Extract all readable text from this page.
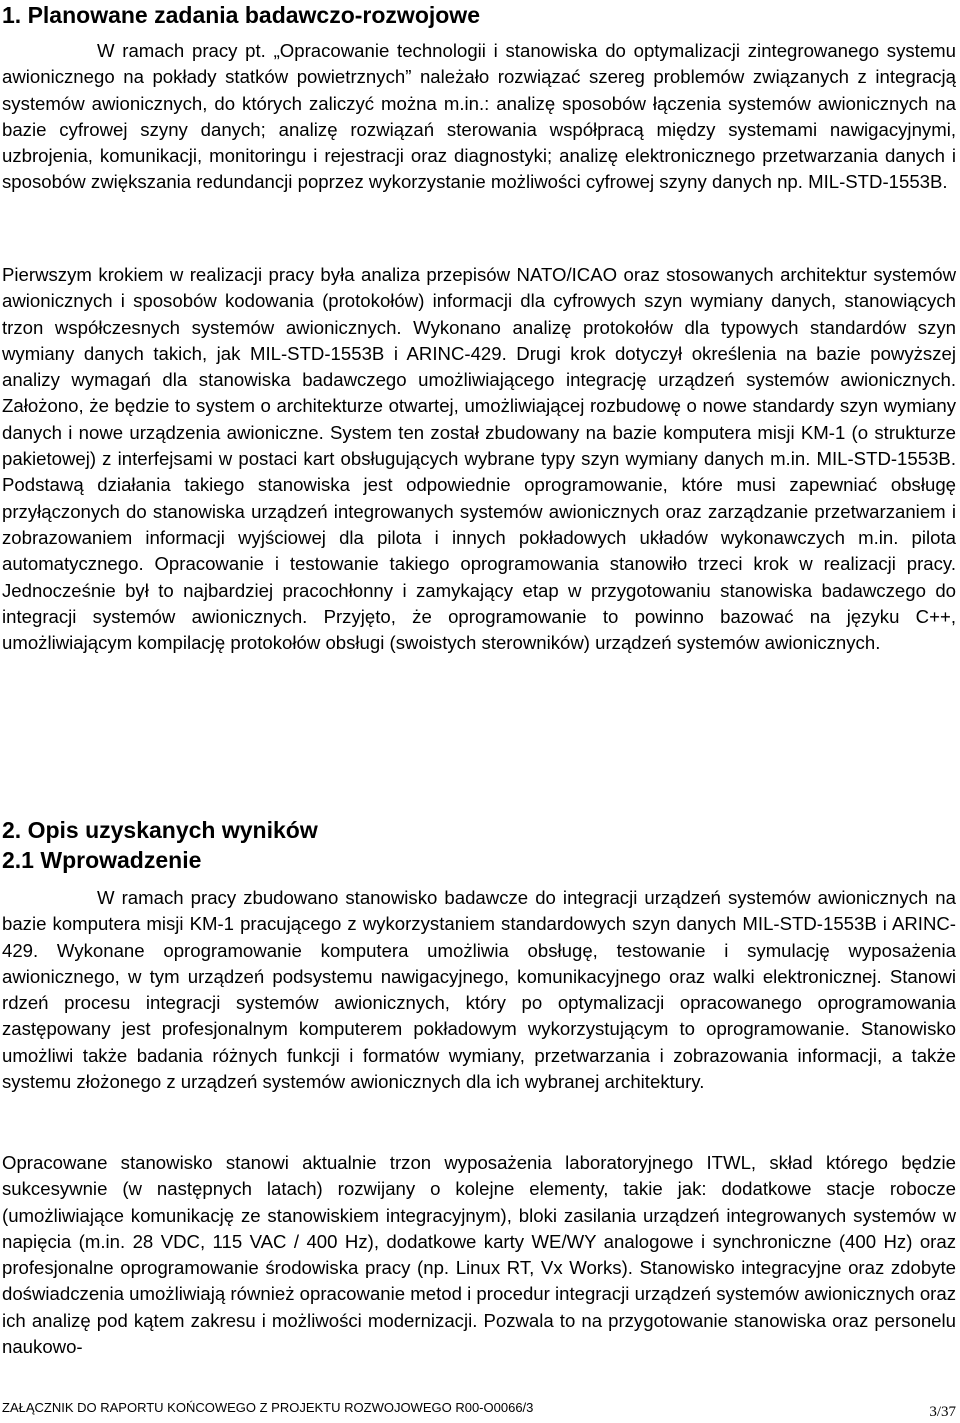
1. Planowane zadania badawczo-rozwojowe

W ramach pracy pt. „Opracowanie technologii i stanowiska do optymalizacji zintegrowanego systemu awionicznego na pokłady statków powietrznych” należało rozwiązać szereg problemów związanych z integracją systemów awionicznych, do których zaliczyć można m.in.: analizę sposobów łączenia systemów awionicznych na bazie cyfrowej szyny danych; analizę rozwiązań sterowania współpracą między systemami nawigacyjnymi, uzbrojenia, komunikacji, monitoringu i rejestracji oraz diagnostyki; analizę elektronicznego przetwarzania danych i sposobów zwiększania redundancji poprzez wykorzystanie możliwości cyfrowej szyny danych np. MIL-STD-1553B.

Pierwszym krokiem w realizacji pracy była analiza przepisów NATO/ICAO oraz stosowanych architektur systemów awionicznych i sposobów kodowania (protokołów) informacji dla cyfrowych szyn wymiany danych, stanowiących trzon współczesnych systemów awionicznych. Wykonano analizę protokołów dla typowych standardów szyn wymiany danych takich, jak MIL-STD-1553B i ARINC-429. Drugi krok dotyczył określenia na bazie powyższej analizy wymagań dla stanowiska badawczego umożliwiającego integrację urządzeń systemów awionicznych. Założono, że będzie to system o architekturze otwartej, umożliwiającej rozbudowę o nowe standardy szyn wymiany danych i nowe urządzenia awioniczne. System ten został zbudowany na bazie komputera misji KM-1 (o strukturze pakietowej) z interfejsami w postaci kart obsługujących wybrane typy szyn wymiany danych m.in. MIL-STD-1553B. Podstawą działania takiego stanowiska jest odpowiednie oprogramowanie, które musi zapewniać obsługę przyłączonych do stanowiska urządzeń integrowanych systemów awionicznych oraz zarządzanie przetwarzaniem i zobrazowaniem informacji wyjściowej dla pilota i innych pokładowych układów wykonawczych m.in. pilota automatycznego. Opracowanie i testowanie takiego oprogramowania stanowiło trzeci krok w realizacji pracy. Jednocześnie był to najbardziej pracochłonny i zamykający etap w przygotowaniu stanowiska badawczego do integracji systemów awionicznych. Przyjęto, że oprogramowanie to powinno bazować na języku C++, umożliwiającym kompilację protokołów obsługi (swoistych sterowników) urządzeń systemów awionicznych.

2. Opis uzyskanych wyników
2.1 Wprowadzenie

W ramach pracy zbudowano stanowisko badawcze do integracji urządzeń systemów awionicznych na bazie komputera misji KM-1 pracującego z wykorzystaniem standardowych szyn danych MIL-STD-1553B i ARINC-429. Wykonane oprogramowanie komputera umożliwia obsługę, testowanie i symulację wyposażenia awionicznego, w tym urządzeń podsystemu nawigacyjnego, komunikacyjnego oraz walki elektronicznej. Stanowi rdzeń procesu integracji systemów awionicznych, który po optymalizacji opracowanego oprogramowania zastępowany jest profesjonalnym komputerem pokładowym wykorzystującym to oprogramowanie. Stanowisko umożliwi także badania różnych funkcji i formatów wymiany, przetwarzania i zobrazowania informacji, a także systemu złożonego z urządzeń systemów awionicznych dla ich wybranej architektury.

Opracowane stanowisko stanowi aktualnie trzon wyposażenia laboratoryjnego ITWL, skład którego będzie sukcesywnie (w następnych latach) rozwijany o kolejne elementy, takie jak: dodatkowe stacje robocze (umożliwiające komunikację ze stanowiskiem integracyjnym), bloki zasilania urządzeń integrowanych systemów w napięcia (m.in. 28 VDC, 115 VAC / 400 Hz), dodatkowe karty WE/WY analogowe i synchroniczne (400 Hz) oraz profesjonalne oprogramowanie środowiska pracy (np. Linux RT, Vx Works). Stanowisko integracyjne oraz zdobyte doświadczenia umożliwiają również opracowanie metod i procedur integracji urządzeń systemów awionicznych oraz ich analizę pod kątem zakresu i możliwości modernizacji. Pozwala to na przygotowanie stanowiska oraz personelu naukowo-

ZAŁĄCZNIK DO RAPORTU KOŃCOWEGO Z PROJEKTU ROZWOJOWEGO R00-O0066/3	3/37
